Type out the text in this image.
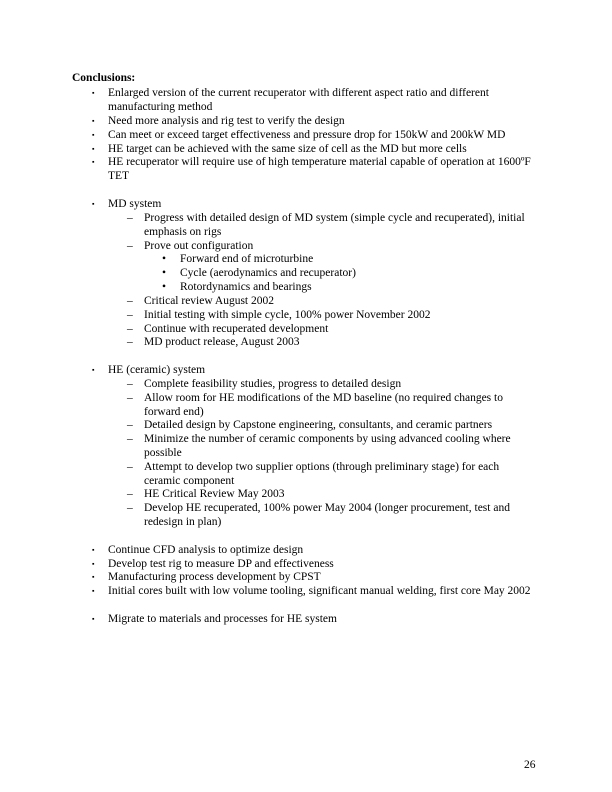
Conclusions:
▪	Enlarged version of the current recuperator with different aspect ratio and different manufacturing method
▪	Need more analysis and rig test to verify the design
▪	Can meet or exceed target effectiveness and pressure drop for 150kW and 200kW MD
▪	HE target can be achieved with the same size of cell as the MD but more cells
▪	HE recuperator will require use of high temperature material capable of operation at 1600ºF TET
▪	MD system
– Progress with detailed design of MD system (simple cycle and recuperated), initial emphasis on rigs
– Prove out configuration
•	Forward end of microturbine
•	Cycle (aerodynamics and recuperator)
•	Rotordynamics and bearings
– Critical review August 2002
– Initial testing with simple cycle, 100% power November 2002
– Continue with recuperated development
– MD product release, August 2003
▪	HE (ceramic) system
– Complete feasibility studies, progress to detailed design
– Allow room for HE modifications of the MD baseline (no required changes to forward end)
– Detailed design by Capstone engineering, consultants, and ceramic partners
– Minimize the number of ceramic components by using advanced cooling where possible
– Attempt to develop two supplier options (through preliminary stage) for each ceramic component
– HE Critical Review May 2003
– Develop HE recuperated, 100% power May 2004 (longer procurement, test and redesign in plan)
▪	Continue CFD analysis to optimize design
▪	Develop test rig to measure DP and effectiveness
▪	Manufacturing process development by CPST
▪	Initial cores built with low volume tooling, significant manual welding, first core May 2002
▪	Migrate to materials and processes for HE system
26
